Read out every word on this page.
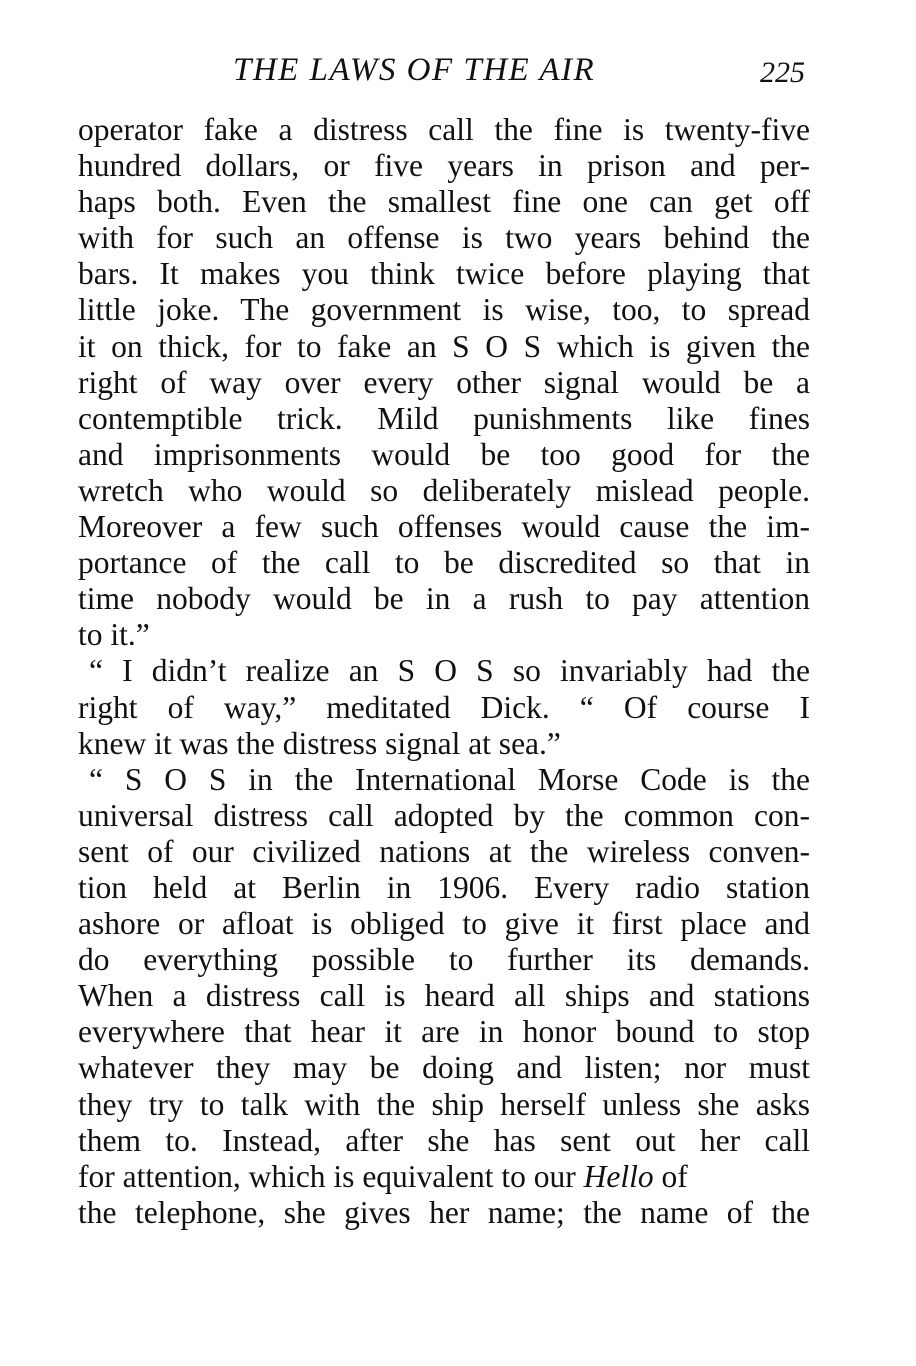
THE LAWS OF THE AIR	225
operator fake a distress call the fine is twenty-five
hundred dollars, or five years in prison and per-
haps both. Even the smallest fine one can get off
with for such an offense is two years behind the
bars. It makes you think twice before playing that
little joke. The government is wise, too, to spread
it on thick, for to fake an S O S which is given the
right of way over every other signal would be a
contemptible trick. Mild punishments like fines
and imprisonments would be too good for the
wretch who would so deliberately mislead people.
Moreover a few such offenses would cause the im-
portance of the call to be discredited so that in
time nobody would be in a rush to pay attention
to it.”
“ I didn’t realize an S O S so invariably had the
right of way,” meditated Dick. “ Of course I
knew it was the distress signal at sea.”
“ S O S in the International Morse Code is the
universal distress call adopted by the common con-
sent of our civilized nations at the wireless conven-
tion held at Berlin in 1906. Every radio station
ashore or afloat is obliged to give it first place and
do everything possible to further its demands.
When a distress call is heard all ships and stations
everywhere that hear it are in honor bound to stop
whatever they may be doing and listen; nor must
they try to talk with the ship herself unless she asks
them to. Instead, after she has sent out her call
for attention, which is equivalent to our Hello of
the telephone, she gives her name; the name of the
